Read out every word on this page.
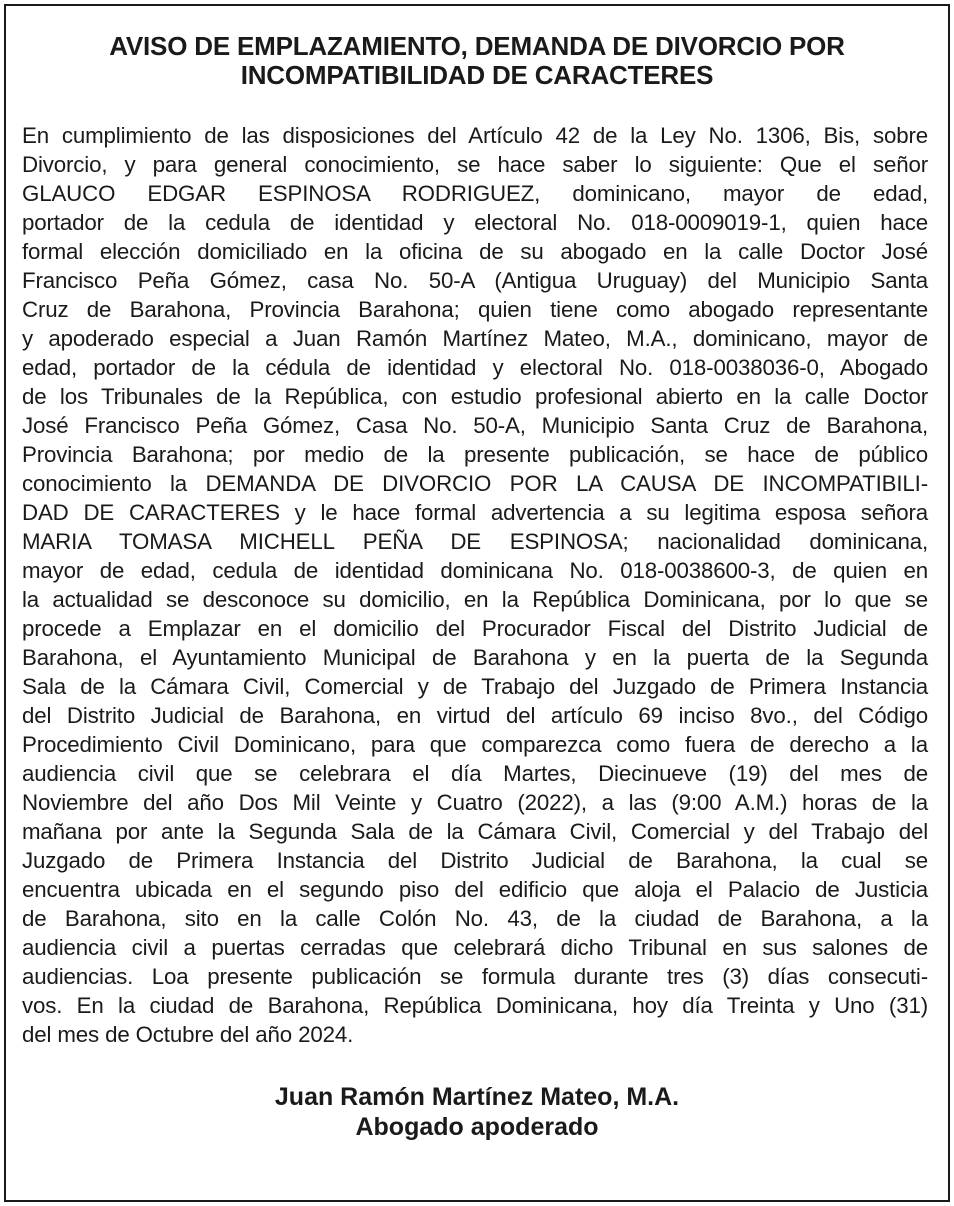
AVISO DE EMPLAZAMIENTO, DEMANDA DE DIVORCIO POR
INCOMPATIBILIDAD DE CARACTERES
En cumplimiento de las disposiciones del Artículo 42 de la Ley No. 1306, Bis, sobre
Divorcio, y para general conocimiento, se hace saber lo siguiente: Que el señor
GLAUCO EDGAR ESPINOSA RODRIGUEZ, dominicano, mayor de edad,
portador de la cedula de identidad y electoral No. 018-0009019-1, quien hace
formal elección domiciliado en la oficina de su abogado en la calle Doctor José
Francisco Peña Gómez, casa No. 50-A (Antigua Uruguay) del Municipio Santa
Cruz de Barahona, Provincia Barahona; quien tiene como abogado representante
y apoderado especial a Juan Ramón Martínez Mateo, M.A., dominicano, mayor de
edad, portador de la cédula de identidad y electoral No. 018-0038036-0, Abogado
de los Tribunales de la República, con estudio profesional abierto en la calle Doctor
José Francisco Peña Gómez, Casa No. 50-A, Municipio Santa Cruz de Barahona,
Provincia Barahona; por medio de la presente publicación, se hace de público
conocimiento la DEMANDA DE DIVORCIO POR LA CAUSA DE INCOMPATIBILI-
DAD DE CARACTERES y le hace formal advertencia a su legitima esposa señora
MARIA TOMASA MICHELL PEÑA DE ESPINOSA; nacionalidad dominicana,
mayor de edad, cedula de identidad dominicana No. 018-0038600-3, de quien en
la actualidad se desconoce su domicilio, en la República Dominicana, por lo que se
procede a Emplazar en el domicilio del Procurador Fiscal del Distrito Judicial de
Barahona, el Ayuntamiento Municipal de Barahona y en la puerta de la Segunda
Sala de la Cámara Civil, Comercial y de Trabajo del Juzgado de Primera Instancia
del Distrito Judicial de Barahona, en virtud del artículo 69 inciso 8vo., del Código
Procedimiento Civil Dominicano, para que comparezca como fuera de derecho a la
audiencia civil que se celebrara el día Martes, Diecinueve (19) del mes de
Noviembre del año Dos Mil Veinte y Cuatro (2022), a las (9:00 A.M.) horas de la
mañana por ante la Segunda Sala de la Cámara Civil, Comercial y del Trabajo del
Juzgado de Primera Instancia del Distrito Judicial de Barahona, la cual se
encuentra ubicada en el segundo piso del edificio que aloja el Palacio de Justicia
de Barahona, sito en la calle Colón No. 43, de la ciudad de Barahona, a la
audiencia civil a puertas cerradas que celebrará dicho Tribunal en sus salones de
audiencias. Loa presente publicación se formula durante tres (3) días consecuti-
vos. En la ciudad de Barahona, República Dominicana, hoy día Treinta y Uno (31)
del mes de Octubre del año 2024.
Juan Ramón Martínez Mateo, M.A.
Abogado apoderado
